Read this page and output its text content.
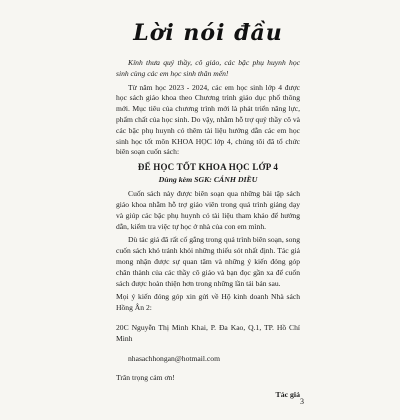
Lời nói đầu

Kính thưa quý thầy, cô giáo, các bậc phụ huynh học sinh cùng các em học sinh thân mến!

Từ năm học 2023 - 2024, các em học sinh lớp 4 được học sách giáo khoa theo Chương trình giáo dục phổ thông mới. Mục tiêu của chương trình mới là phát triển năng lực, phẩm chất của học sinh. Do vậy, nhằm hỗ trợ quý thầy cô và các bậc phụ huynh có thêm tài liệu hướng dẫn các em học sinh học tốt môn KHOA HỌC lớp 4, chúng tôi đã tổ chức biên soạn cuốn sách:

ĐỂ HỌC TỐT KHOA HỌC LỚP 4
Dùng kèm SGK: CÁNH DIỀU

Cuốn sách này được biên soạn qua những bài tập sách giáo khoa nhằm hỗ trợ giáo viên trong quá trình giảng dạy và giúp các bậc phụ huynh có tài liệu tham khảo để hướng dẫn, kiểm tra việc tự học ở nhà của con em mình.

Dù tác giả đã rất cố gắng trong quá trình biên soạn, song cuốn sách khó tránh khỏi những thiếu sót nhất định. Tác giả mong nhận được sự quan tâm và những ý kiến đóng góp chân thành của các thầy cô giáo và bạn đọc gần xa để cuốn sách được hoàn thiện hơn trong những lần tái bản sau.

Mọi ý kiến đóng góp xin gửi về Hộ kinh doanh Nhà sách Hồng Ân 2:

20C Nguyễn Thị Minh Khai, P. Đa Kao, Q.1, TP. Hồ Chí Minh

nhasachhongan@hotmail.com

Trân trọng cảm ơn!

Tác giả
3
